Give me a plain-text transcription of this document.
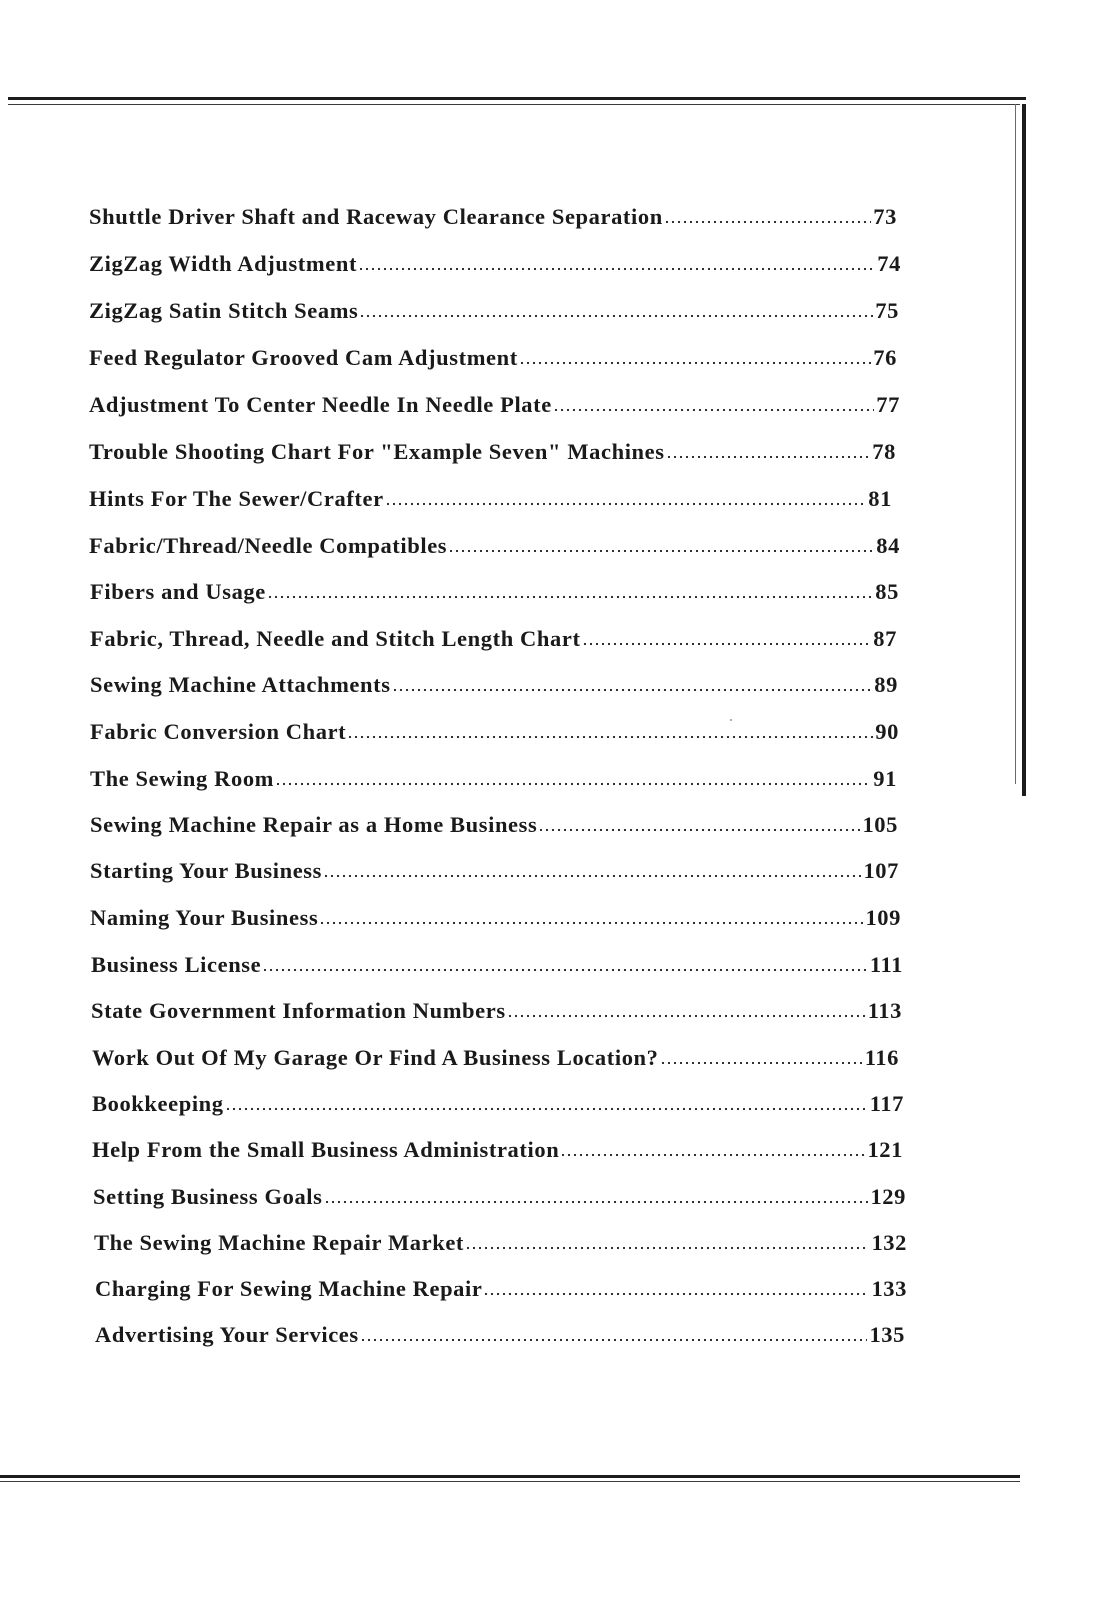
Shuttle Driver Shaft and Raceway Clearance Separation	73
ZigZag Width Adjustment	74
ZigZag Satin Stitch Seams	75
Feed Regulator Grooved Cam Adjustment	76
Adjustment To Center Needle In Needle Plate	77
Trouble Shooting Chart For "Example Seven" Machines	78
Hints For The Sewer/Crafter	81
Fabric/Thread/Needle Compatibles	84
Fibers and Usage	85
Fabric, Thread, Needle and Stitch Length Chart	87
Sewing Machine Attachments	89
Fabric Conversion Chart	90
The Sewing Room	91
Sewing Machine Repair as a Home Business	105
Starting Your Business	107
Naming Your Business	109
Business License	111
State Government Information Numbers	113
Work Out Of My Garage Or Find A Business Location?	116
Bookkeeping	117
Help From the Small Business Administration	121
Setting Business Goals	129
The Sewing Machine Repair Market	132
Charging For Sewing Machine Repair	133
Advertising Your Services	135
